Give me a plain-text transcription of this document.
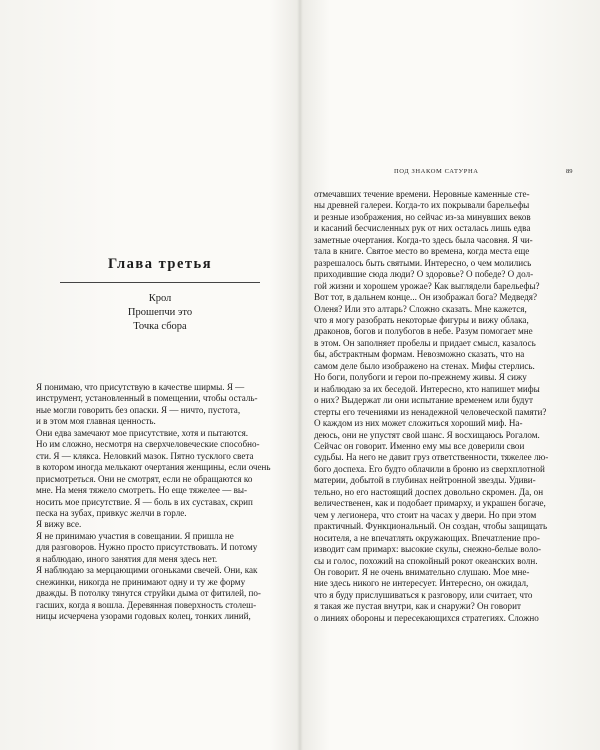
Глава третья
Крол
Прошепчи это
Точка сбора
Я понимаю, что присутствую в качестве ширмы. Я —
инструмент, установленный в помещении, чтобы осталь-
ные могли говорить без опаски. Я — ничто, пустота,
и в этом моя главная ценность.
Они едва замечают мое присутствие, хотя и пытаются.
Но им сложно, несмотря на сверхчеловеческие способно-
сти. Я — клякса. Неловкий мазок. Пятно тусклого света
в котором иногда мелькают очертания женщины, если очень
присмотреться. Они не смотрят, если не обращаются ко
мне. На меня тяжело смотреть. Но еще тяжелее — вы-
носить мое присутствие. Я — боль в их суставах, скрип
песка на зубах, привкус желчи в горле.
Я вижу все.
Я не принимаю участия в совещании. Я пришла не
для разговоров. Нужно просто присутствовать. И потому
я наблюдаю, иного занятия для меня здесь нет.
Я наблюдаю за мерцающими огоньками свечей. Они, как
снежинки, никогда не принимают одну и ту же форму
дважды. В потолку тянутся струйки дыма от фитилей, по-
гасших, когда я вошла. Деревянная поверхность столеш-
ницы исчерчена узорами годовых колец, тонких линий,
ПОД ЗНАКОМ САТУРНА	89
отмечавших течение времени. Неровные каменные сте-
ны древней галереи. Когда-то их покрывали барельефы
и резные изображения, но сейчас из-за минувших веков
и касаний бесчисленных рук от них осталась лишь едва
заметные очертания. Когда-то здесь была часовня. Я чи-
тала в книге. Святое место во времена, когда места еще
разрешалось быть святыми. Интересно, о чем молились
приходившие сюда люди? О здоровье? О победе? О дол-
гой жизни и хорошем урожае? Как выглядели барельефы?
Вот тот, в дальнем конце... Он изображал бога? Медведя?
Оленя? Или это алтарь? Сложно сказать. Мне кажется,
что я могу разобрать некоторые фигуры и вижу облака,
драконов, богов и полубогов в небе. Разум помогает мне
в этом. Он заполняет пробелы и придает смысл, казалось
бы, абстрактным формам. Невозможно сказать, что на
самом деле было изображено на стенах. Мифы стерлись.
Но боги, полубоги и герои по-прежнему живы. Я сижу
и наблюдаю за их беседой. Интересно, кто напишет мифы
о них? Выдержат ли они испытание временем или будут
стерты его течениями из ненадежной человеческой памяти?
О каждом из них может сложиться хороший миф. На-
деюсь, они не упустят свой шанс. Я восхищаюсь Рогалом.
Сейчас он говорит. Именно ему мы все доверили свои
судьбы. На него не давит груз ответственности, тяжелее лю-
бого доспеха. Его будто облачили в броню из сверхплотной
материи, добытой в глубинах нейтронной звезды. Удиви-
тельно, но его настоящий доспех довольно скромен. Да, он
величественен, как и подобает примарху, и украшен богаче,
чем у легионера, что стоит на часах у двери. Но при этом
практичный. Функциональный. Он создан, чтобы защищать
носителя, а не впечатлять окружающих. Впечатление про-
изводит сам примарх: высокие скулы, снежно-белые воло-
сы и голос, похожий на спокойный рокот океанских волн.
Он говорит. Я не очень внимательно слушаю. Мое мне-
ние здесь никого не интересует. Интересно, он ожидал,
что я буду прислушиваться к разговору, или считает, что
я такая же пустая внутри, как и снаружи? Он говорит
о линиях обороны и пересекающихся стратегиях. Сложно
